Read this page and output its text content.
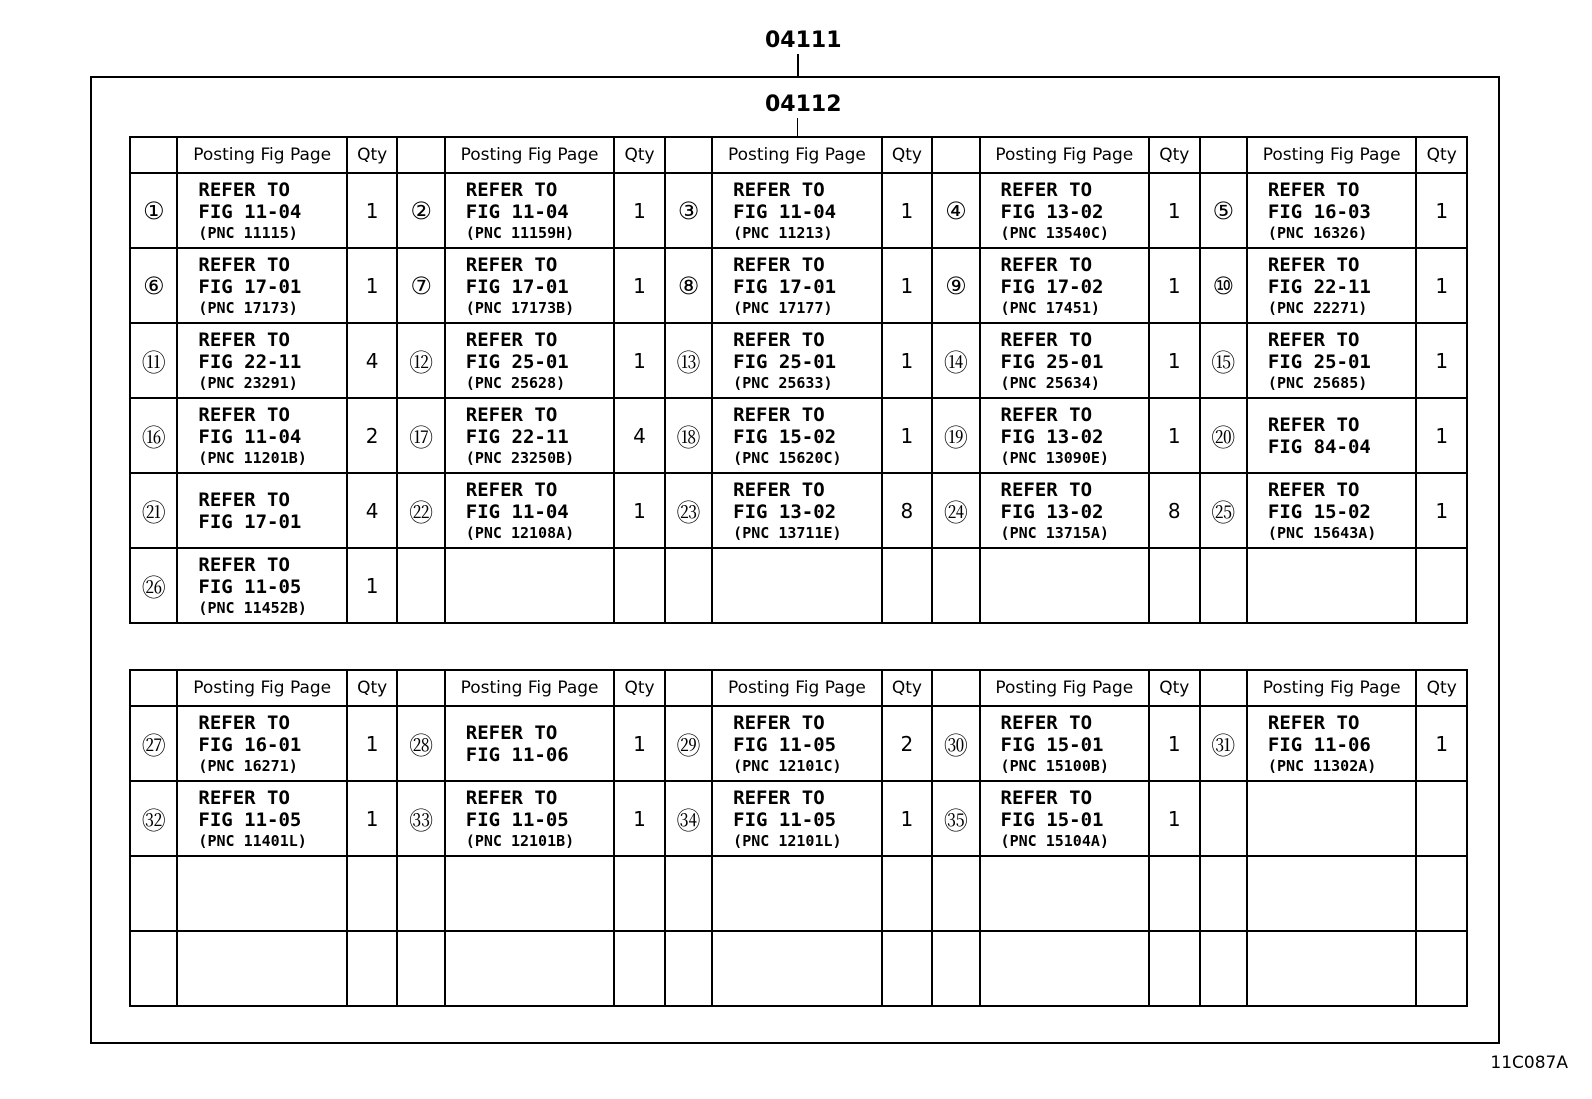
04111
04112
	Posting Fig Page	Qty		Posting Fig Page	Qty		Posting Fig Page	Qty		Posting Fig Page	Qty		Posting Fig Page	Qty
①	REFER TO
FIG 11-04
(PNC 11115)	1	②	REFER TO
FIG 11-04
(PNC 11159H)	1	③	REFER TO
FIG 11-04
(PNC 11213)	1	④	REFER TO
FIG 13-02
(PNC 13540C)	1	⑤	REFER TO
FIG 16-03
(PNC 16326)	1
⑥	REFER TO
FIG 17-01
(PNC 17173)	1	⑦	REFER TO
FIG 17-01
(PNC 17173B)	1	⑧	REFER TO
FIG 17-01
(PNC 17177)	1	⑨	REFER TO
FIG 17-02
(PNC 17451)	1	⑩	REFER TO
FIG 22-11
(PNC 22271)	1
⑪	REFER TO
FIG 22-11
(PNC 23291)	4	⑫	REFER TO
FIG 25-01
(PNC 25628)	1	⑬	REFER TO
FIG 25-01
(PNC 25633)	1	⑭	REFER TO
FIG 25-01
(PNC 25634)	1	⑮	REFER TO
FIG 25-01
(PNC 25685)	1
⑯	REFER TO
FIG 11-04
(PNC 11201B)	2	⑰	REFER TO
FIG 22-11
(PNC 23250B)	4	⑱	REFER TO
FIG 15-02
(PNC 15620C)	1	⑲	REFER TO
FIG 13-02
(PNC 13090E)	1	⑳	REFER TO
FIG 84-04	1
㉑	REFER TO
FIG 17-01	4	㉒	REFER TO
FIG 11-04
(PNC 12108A)	1	㉓	REFER TO
FIG 13-02
(PNC 13711E)	8	㉔	REFER TO
FIG 13-02
(PNC 13715A)	8	㉕	REFER TO
FIG 15-02
(PNC 15643A)	1
㉖	REFER TO
FIG 11-05
(PNC 11452B)	1		

	Posting Fig Page	Qty		Posting Fig Page	Qty		Posting Fig Page	Qty		Posting Fig Page	Qty		Posting Fig Page	Qty
㉗	REFER TO
FIG 16-01
(PNC 16271)	1	㉘	REFER TO
FIG 11-06	1	㉙	REFER TO
FIG 11-05
(PNC 12101C)	2	㉚	REFER TO
FIG 15-01
(PNC 15100B)	1	㉛	REFER TO
FIG 11-06
(PNC 11302A)	1
㉜	REFER TO
FIG 11-05
(PNC 11401L)	1	㉝	REFER TO
FIG 11-05
(PNC 12101B)	1	㉞	REFER TO
FIG 11-05
(PNC 12101L)	1	㉟	REFER TO
FIG 15-01
(PNC 15104A)	1		

11C087A
